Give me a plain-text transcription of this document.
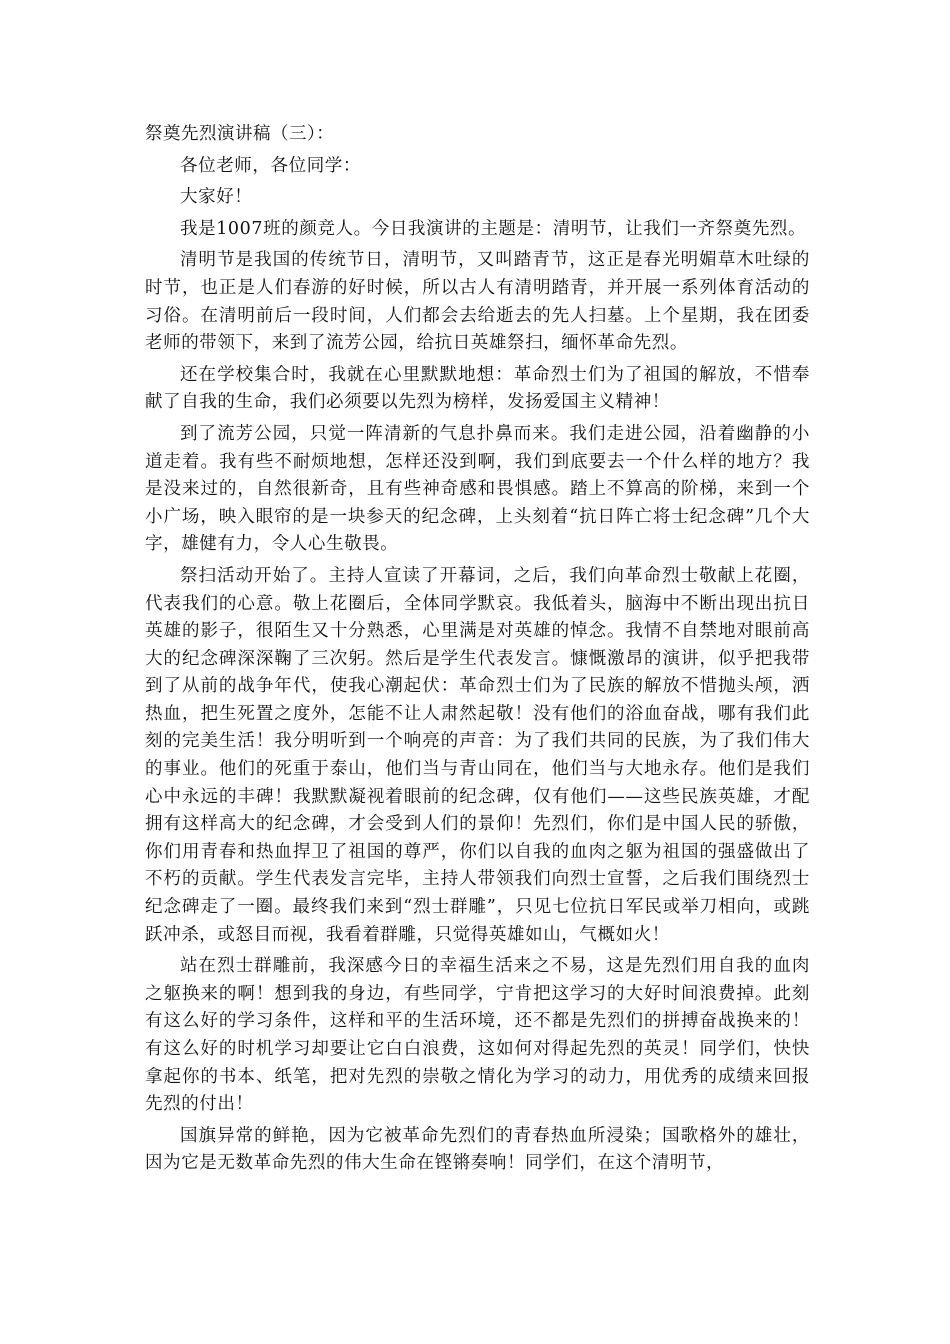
祭奠先烈演讲稿（三）：

各位老师，各位同学：

大家好！

我是1007班的颜竞人。今日我演讲的主题是：清明节，让我们一齐祭奠先烈。

清明节是我国的传统节日，清明节，又叫踏青节，这正是春光明媚草木吐绿的时节，也正是人们春游的好时候，所以古人有清明踏青，并开展一系列体育活动的习俗。在清明前后一段时间，人们都会去给逝去的先人扫墓。上个星期，我在团委老师的带领下，来到了流芳公园，给抗日英雄祭扫，缅怀革命先烈。

还在学校集合时，我就在心里默默地想：革命烈士们为了祖国的解放，不惜奉献了自我的生命，我们必须要以先烈为榜样，发扬爱国主义精神！

到了流芳公园，只觉一阵清新的气息扑鼻而来。我们走进公园，沿着幽静的小道走着。我有些不耐烦地想，怎样还没到啊，我们到底要去一个什么样的地方？我是没来过的，自然很新奇，且有些神奇感和畏惧感。踏上不算高的阶梯，来到一个小广场，映入眼帘的是一块参天的纪念碑，上头刻着“抗日阵亡将士纪念碑”几个大字，雄健有力，令人心生敬畏。

祭扫活动开始了。主持人宣读了开幕词，之后，我们向革命烈士敬献上花圈，代表我们的心意。敬上花圈后，全体同学默哀。我低着头，脑海中不断出现出抗日英雄的影子，很陌生又十分熟悉，心里满是对英雄的悼念。我情不自禁地对眼前高大的纪念碑深深鞠了三次躬。然后是学生代表发言。慷慨激昂的演讲，似乎把我带到了从前的战争年代，使我心潮起伏：革命烈士们为了民族的解放不惜抛头颅，洒热血，把生死置之度外，怎能不让人肃然起敬！没有他们的浴血奋战，哪有我们此刻的完美生活！我分明听到一个响亮的声音：为了我们共同的民族，为了我们伟大的事业。他们的死重于泰山，他们当与青山同在，他们当与大地永存。他们是我们心中永远的丰碑！我默默凝视着眼前的纪念碑，仅有他们——这些民族英雄，才配拥有这样高大的纪念碑，才会受到人们的景仰！先烈们，你们是中国人民的骄傲，你们用青春和热血捍卫了祖国的尊严，你们以自我的血肉之躯为祖国的强盛做出了不朽的贡献。学生代表发言完毕，主持人带领我们向烈士宣誓，之后我们围绕烈士纪念碑走了一圈。最终我们来到“烈士群雕”，只见七位抗日军民或举刀相向，或跳跃冲杀，或怒目而视，我看着群雕，只觉得英雄如山，气概如火！

站在烈士群雕前，我深感今日的幸福生活来之不易，这是先烈们用自我的血肉之躯换来的啊！想到我的身边，有些同学，宁肯把这学习的大好时间浪费掉。此刻有这么好的学习条件，这样和平的生活环境，还不都是先烈们的拼搏奋战换来的！有这么好的时机学习却要让它白白浪费，这如何对得起先烈的英灵！同学们，快快拿起你的书本、纸笔，把对先烈的崇敬之情化为学习的动力，用优秀的成绩来回报先烈的付出！

国旗异常的鲜艳，因为它被革命先烈们的青春热血所浸染；国歌格外的雄壮，因为它是无数革命先烈的伟大生命在铿锵奏响！同学们，在这个清明节，
